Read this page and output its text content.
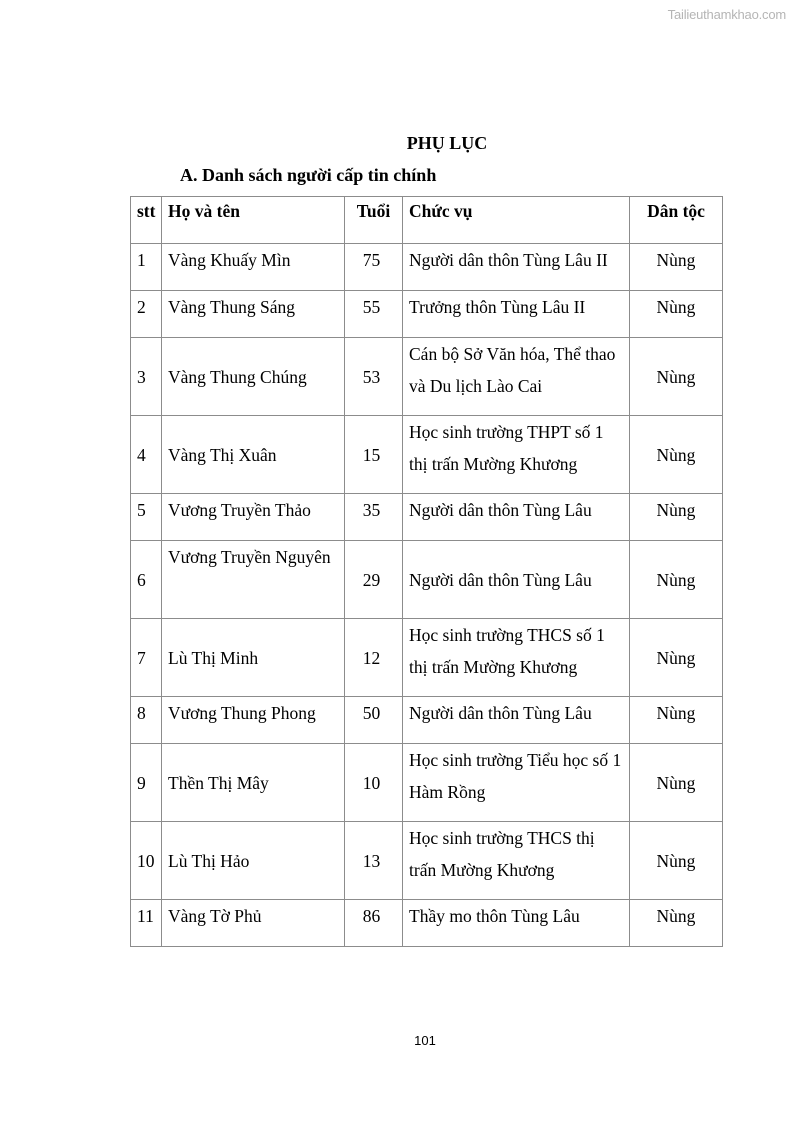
Tailieuthamkhao.com
PHỤ LỤC
A. Danh sách người cấp tin chính
stt	Họ và tên	Tuổi	Chức vụ	Dân tộc
1	Vàng Khuấy Mìn	75	Người dân thôn Tùng Lâu II	Nùng
2	Vàng Thung Sáng	55	Trưởng thôn Tùng Lâu II	Nùng
3	Vàng Thung Chúng	53	Cán bộ Sở Văn hóa, Thể thao và Du lịch Lào Cai	Nùng
4	Vàng Thị Xuân	15	Học sinh trường THPT số 1 thị trấn Mường Khương	Nùng
5	Vương Truyền Thảo	35	Người dân thôn Tùng Lâu	Nùng
6	Vương Truyền Nguyên	29	Người dân thôn Tùng Lâu	Nùng
7	Lù Thị Minh	12	Học sinh trường THCS số 1 thị trấn Mường Khương	Nùng
8	Vương Thung Phong	50	Người dân thôn Tùng Lâu	Nùng
9	Thền Thị Mây	10	Học sinh trường Tiểu học số 1 Hàm Rồng	Nùng
10	Lù Thị Hảo	13	Học sinh trường THCS thị trấn Mường Khương	Nùng
11	Vàng Tờ Phủ	86	Thầy mo thôn Tùng Lâu	Nùng
101
